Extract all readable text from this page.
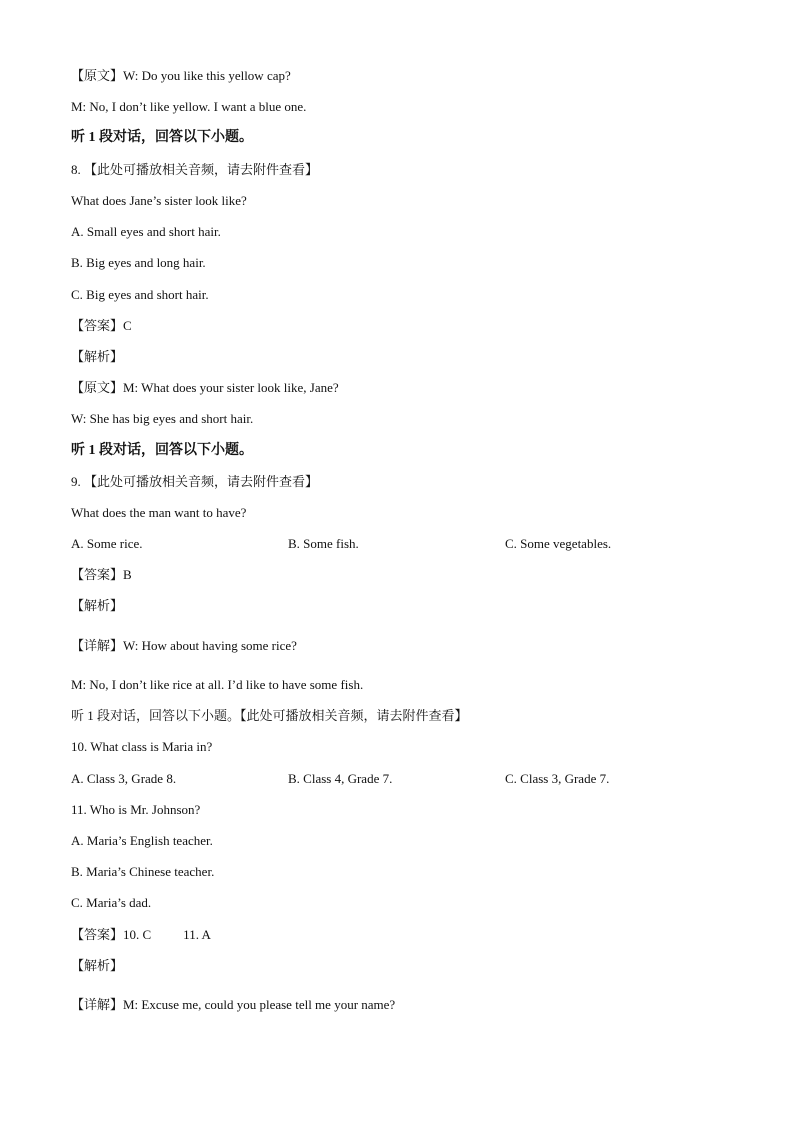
【原文】W: Do you like this yellow cap?
M: No, I don’t like yellow. I want a blue one.
听 1 段对话，回答以下小题。
8. 【此处可播放相关音频，请去附件查看】
What does Jane’s sister look like?
A. Small eyes and short hair.
B. Big eyes and long hair.
C. Big eyes and short hair.
【答案】C
【解析】
【原文】M: What does your sister look like, Jane?
W: She has big eyes and short hair.
听 1 段对话，回答以下小题。
9. 【此处可播放相关音频，请去附件查看】
What does the man want to have?
A. Some rice.	B. Some fish.	C. Some vegetables.
【答案】B
【解析】
【详解】W: How about having some rice?
M: No, I don’t like rice at all. I’d like to have some fish.
听 1 段对话，回答以下小题。【此处可播放相关音频，请去附件查看】
10. What class is Maria in?
A. Class 3, Grade 8.	B. Class 4, Grade 7.	C. Class 3, Grade 7.
11. Who is Mr. Johnson?
A. Maria’s English teacher.
B. Maria’s Chinese teacher.
C. Maria’s dad.
【答案】10. C 11. A
【解析】
【详解】M: Excuse me, could you please tell me your name?
